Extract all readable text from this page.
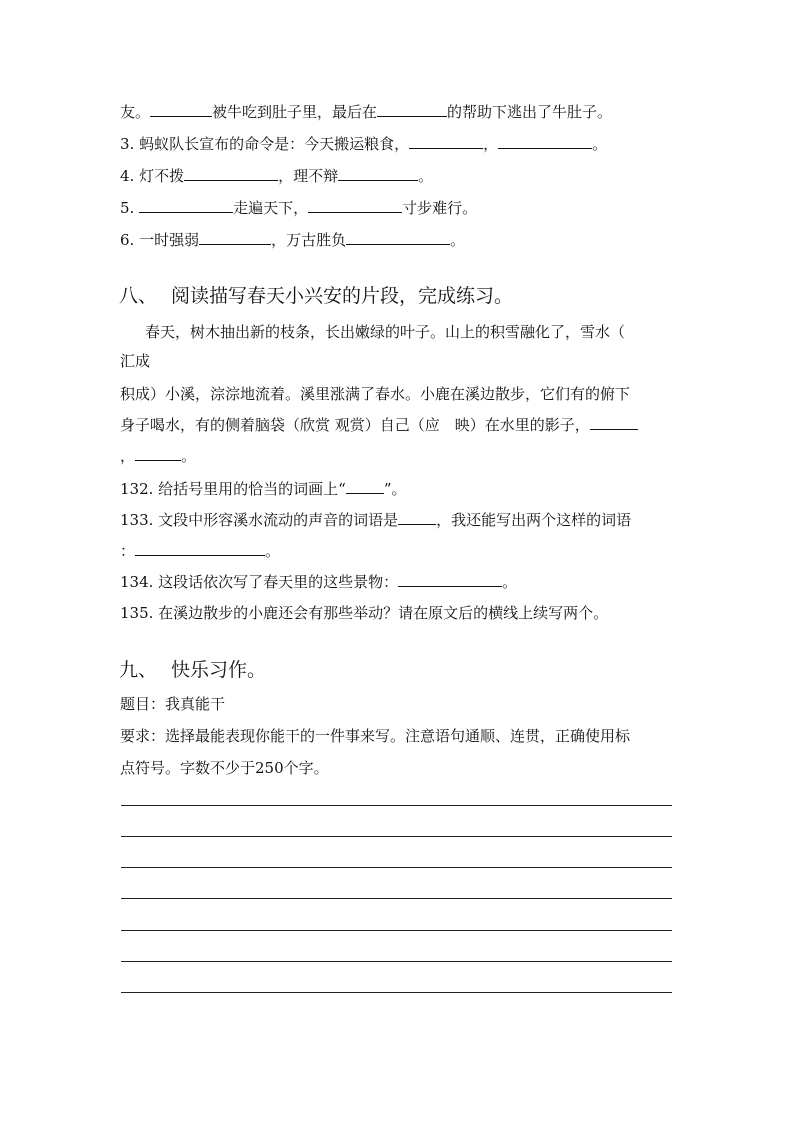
友。	被牛吃到肚子里，最后在	的帮助下逃出了牛肚子。
3. 蚂蚁队长宣布的命令是：今天搬运粮食，	，	。
4. 灯不拨	，理不辩	。
5.	走遍天下，	寸步难行。
6. 一时强弱	，万古胜负	。
八、 阅读描写春天小兴安的片段，完成练习。
春天，树木抽出新的枝条，长出嫩绿的叶子。山上的积雪融化了，雪水（
汇成
积成）小溪，淙淙地流着。溪里涨满了春水。小鹿在溪边散步，它们有的俯下
身子喝水，有的侧着脑袋（欣赏 观赏）自己（应　映）在水里的影子，
，	。
132. 给括号里用的恰当的词画上“	”。
133. 文段中形容溪水流动的声音的词语是	，我还能写出两个这样的词语
：	。
134. 这段话依次写了春天里的这些景物：	。
135. 在溪边散步的小鹿还会有那些举动？请在原文后的横线上续写两个。
九、 快乐习作。
题目：我真能干
要求：选择最能表现你能干的一件事来写。注意语句通顺、连贯，正确使用标
点符号。字数不少于250个字。
